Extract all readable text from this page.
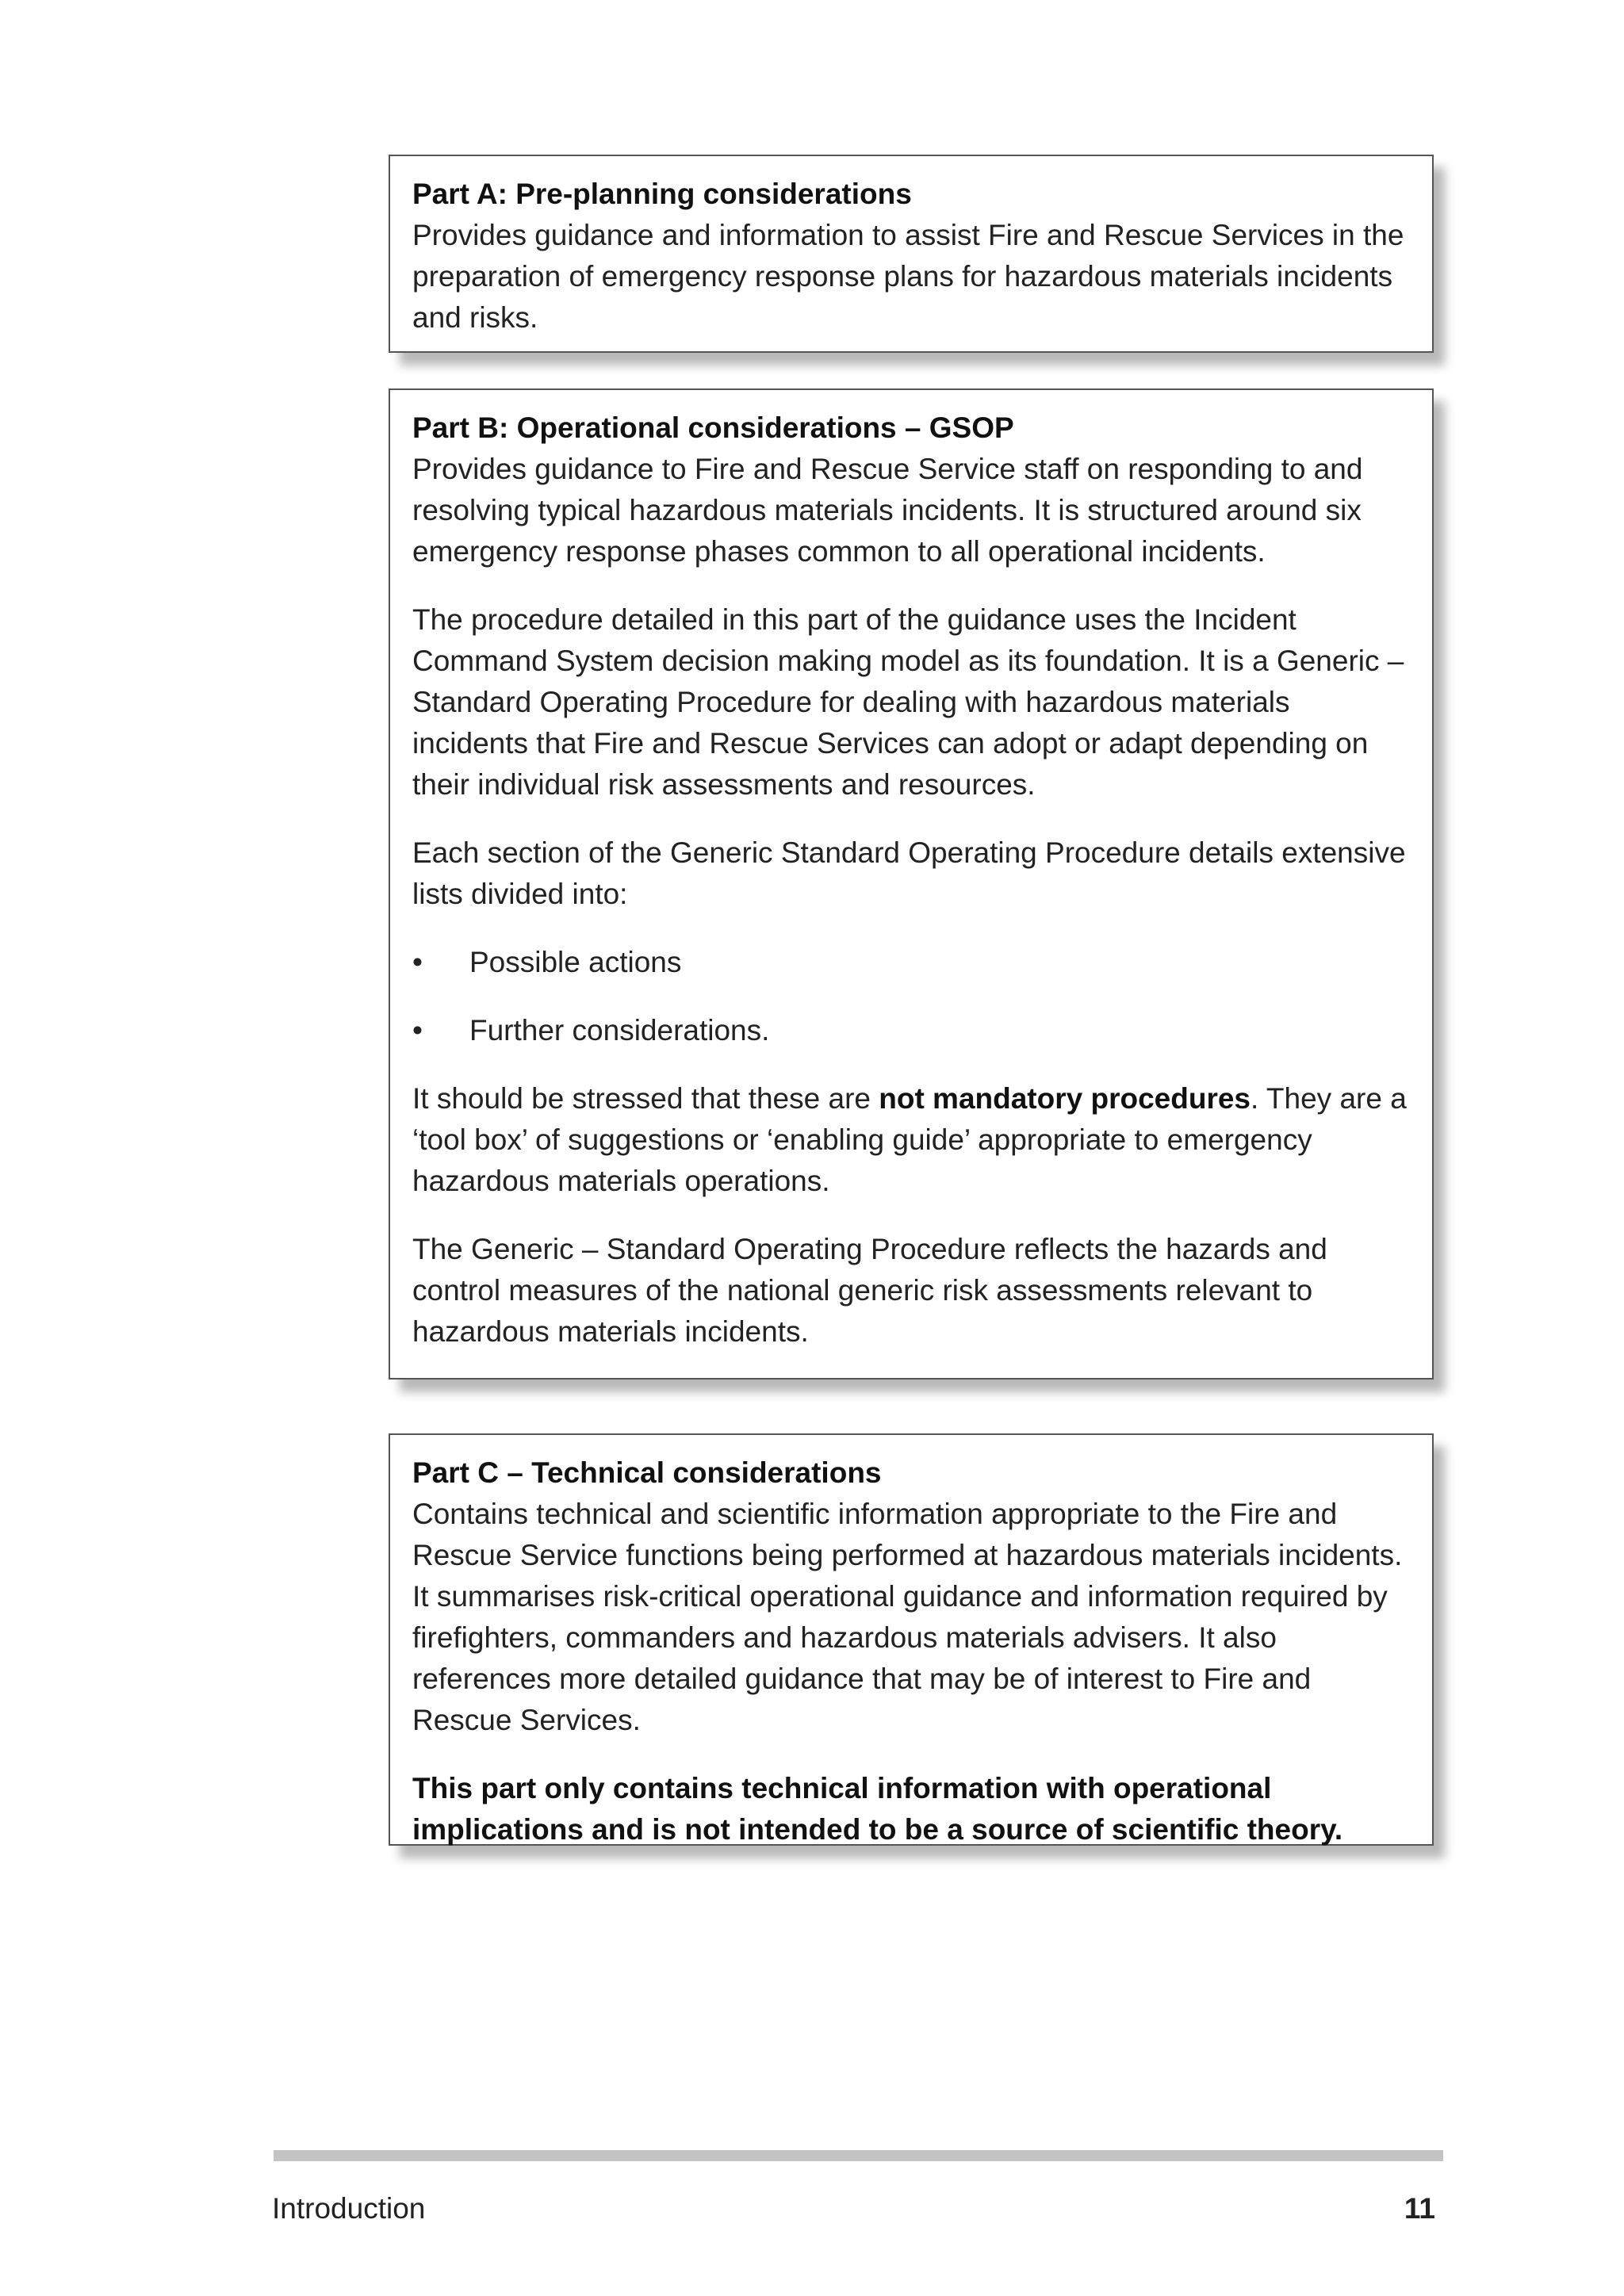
Part A: Pre-planning considerations

Provides guidance and information to assist Fire and Rescue Services in the preparation of emergency response plans for hazardous materials incidents and risks.

Part B: Operational considerations – GSOP

Provides guidance to Fire and Rescue Service staff on responding to and resolving typical hazardous materials incidents. It is structured around six emergency response phases common to all operational incidents.

The procedure detailed in this part of the guidance uses the Incident Command System decision making model as its foundation. It is a Generic – Standard Operating Procedure for dealing with hazardous materials incidents that Fire and Rescue Services can adopt or adapt depending on their individual risk assessments and resources.

Each section of the Generic Standard Operating Procedure details extensive lists divided into:

• Possible actions
• Further considerations.

It should be stressed that these are not mandatory procedures. They are a ‘tool box’ of suggestions or ‘enabling guide’ appropriate to emergency hazardous materials operations.

The Generic – Standard Operating Procedure reflects the hazards and control measures of the national generic risk assessments relevant to hazardous materials incidents.

Part C – Technical considerations

Contains technical and scientific information appropriate to the Fire and Rescue Service functions being performed at hazardous materials incidents. It summarises risk-critical operational guidance and information required by firefighters, commanders and hazardous materials advisers. It also references more detailed guidance that may be of interest to Fire and Rescue Services.

This part only contains technical information with operational implications and is not intended to be a source of scientific theory.

Introduction	11
